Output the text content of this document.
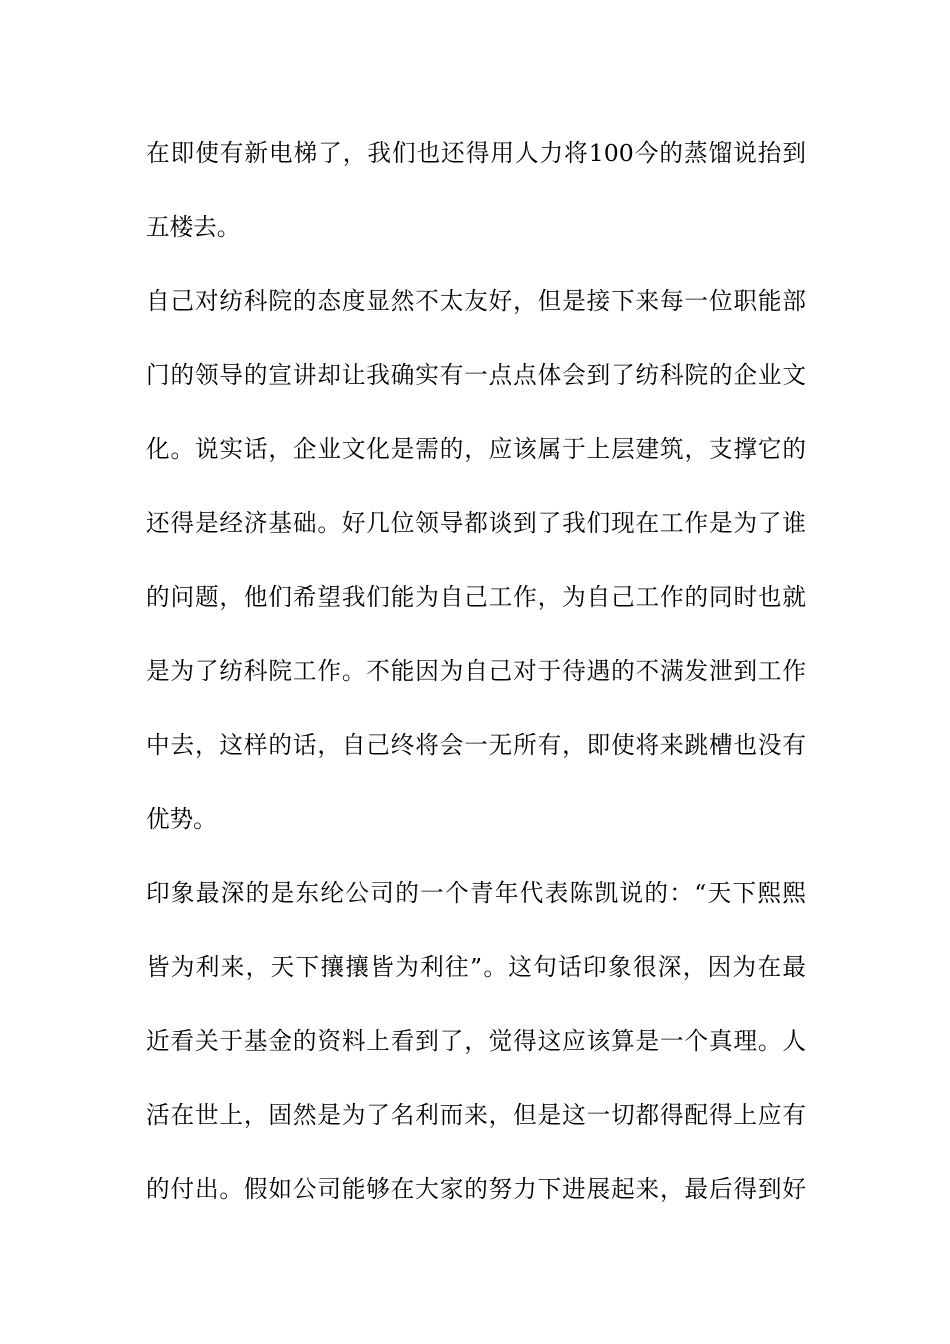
在即使有新电梯了，我们也还得用人力将100今的蒸馏说抬到
五楼去。
自己对纺科院的态度显然不太友好，但是接下来每一位职能部
门的领导的宣讲却让我确实有一点点体会到了纺科院的企业文
化。说实话，企业文化是需的，应该属于上层建筑，支撑它的
还得是经济基础。好几位领导都谈到了我们现在工作是为了谁
的问题，他们希望我们能为自己工作，为自己工作的同时也就
是为了纺科院工作。不能因为自己对于待遇的不满发泄到工作
中去，这样的话，自己终将会一无所有，即使将来跳槽也没有
优势。
印象最深的是东纶公司的一个青年代表陈凯说的：“天下熙熙
皆为利来，天下攘攘皆为利往”。这句话印象很深，因为在最
近看关于基金的资料上看到了，觉得这应该算是一个真理。人
活在世上，固然是为了名利而来，但是这一切都得配得上应有
的付出。假如公司能够在大家的努力下进展起来，最后得到好
